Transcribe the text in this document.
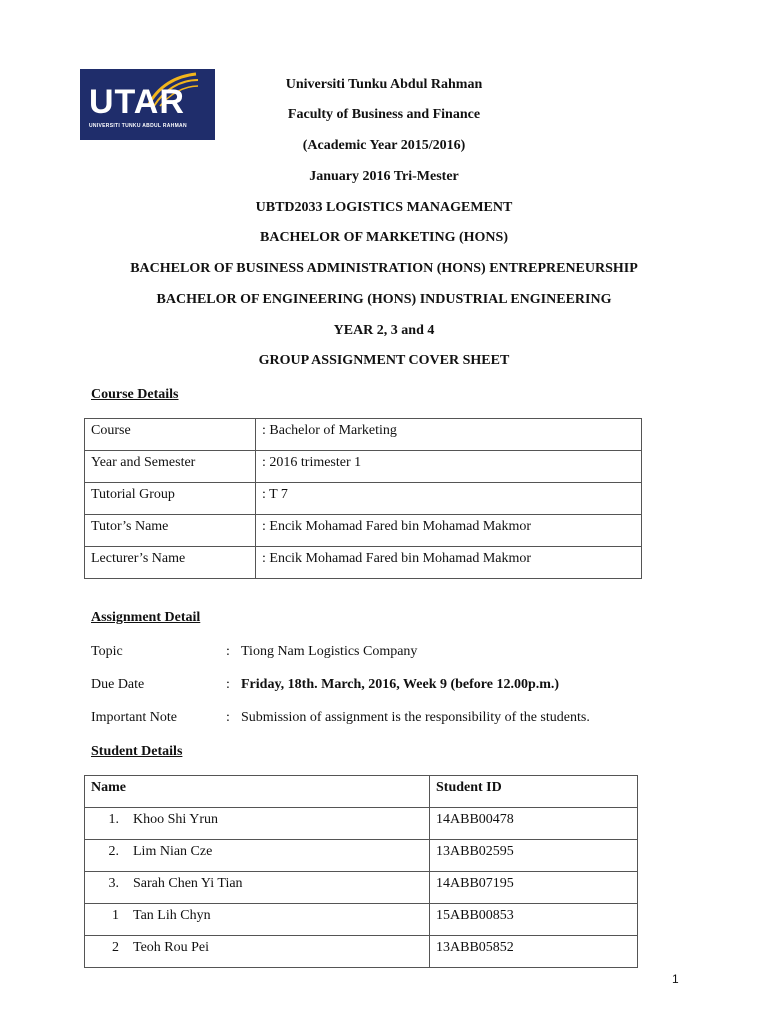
UTAR
UNIVERSITI TUNKU ABDUL RAHMAN
Universiti Tunku Abdul Rahman
Faculty of Business and Finance
(Academic Year 2015/2016)
January 2016 Tri-Mester
UBTD2033 LOGISTICS MANAGEMENT
BACHELOR OF MARKETING (HONS)
BACHELOR OF BUSINESS ADMINISTRATION (HONS) ENTREPRENEURSHIP
BACHELOR OF ENGINEERING (HONS) INDUSTRIAL ENGINEERING
YEAR 2, 3 and 4
GROUP ASSIGNMENT COVER SHEET
Course Details
Course	: Bachelor of Marketing
Year and Semester	: 2016 trimester 1
Tutorial Group	: T 7
Tutor’s Name	: Encik Mohamad Fared bin Mohamad Makmor
Lecturer’s Name	: Encik Mohamad Fared bin Mohamad Makmor
Assignment Detail
Topic	: Tiong Nam Logistics Company
Due Date	: Friday, 18th. March, 2016, Week 9 (before 12.00p.m.)
Important Note	: Submission of assignment is the responsibility of the students.
Student Details
Name	Student ID
1. Khoo Shi Yrun	14ABB00478
2. Lim Nian Cze	13ABB02595
3. Sarah Chen Yi Tian	14ABB07195
1 Tan Lih Chyn	15ABB00853
2 Teoh Rou Pei	13ABB05852
1
